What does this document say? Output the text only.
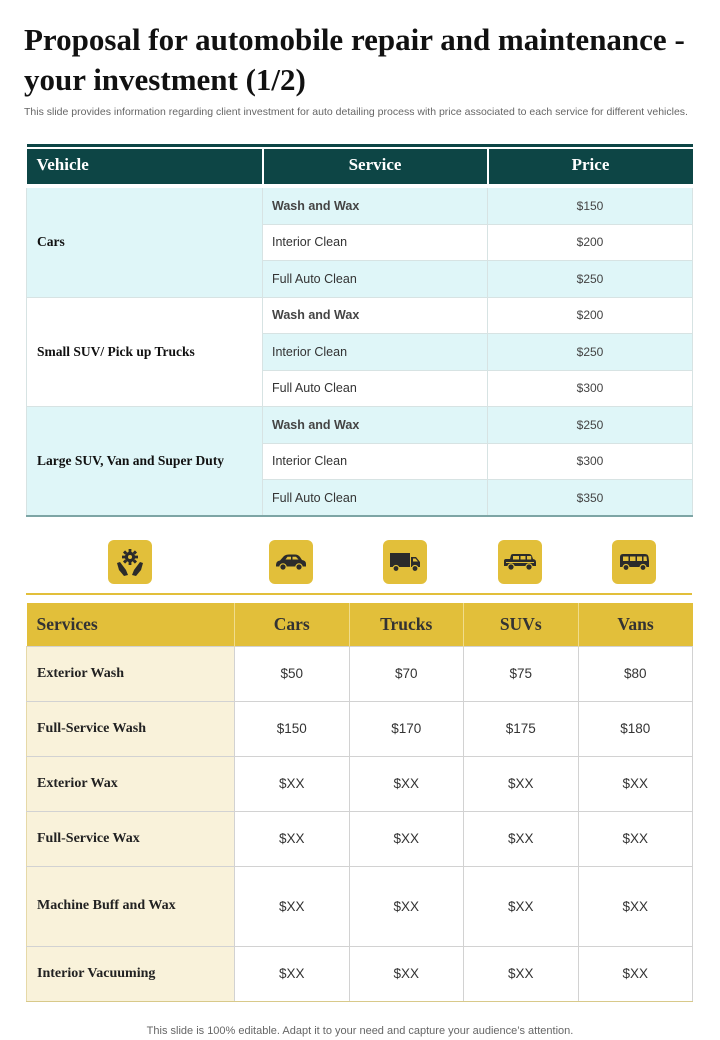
Proposal for automobile repair and maintenance - your investment (1/2)
This slide provides information regarding client investment for auto detailing process with price associated to each service for different vehicles.
Vehicle	Service	Price

Cars	Wash and Wax	$150
	Interior Clean	$200
	Full Auto Clean	$250
Small SUV/ Pick up Trucks	Wash and Wax	$200
	Interior Clean	$250
	Full Auto Clean	$300
Large SUV, Van and Super Duty	Wash and Wax	$250
	Interior Clean	$300
	Full Auto Clean	$350
Services	Cars	Trucks	SUVs	Vans
Exterior Wash	$50	$70	$75	$80
Full-Service Wash	$150	$170	$175	$180
Exterior Wax	$XX	$XX	$XX	$XX
Full-Service Wax	$XX	$XX	$XX	$XX
Machine Buff and Wax	$XX	$XX	$XX	$XX
Interior Vacuuming	$XX	$XX	$XX	$XX
This slide is 100% editable. Adapt it to your need and capture your audience’s attention.
